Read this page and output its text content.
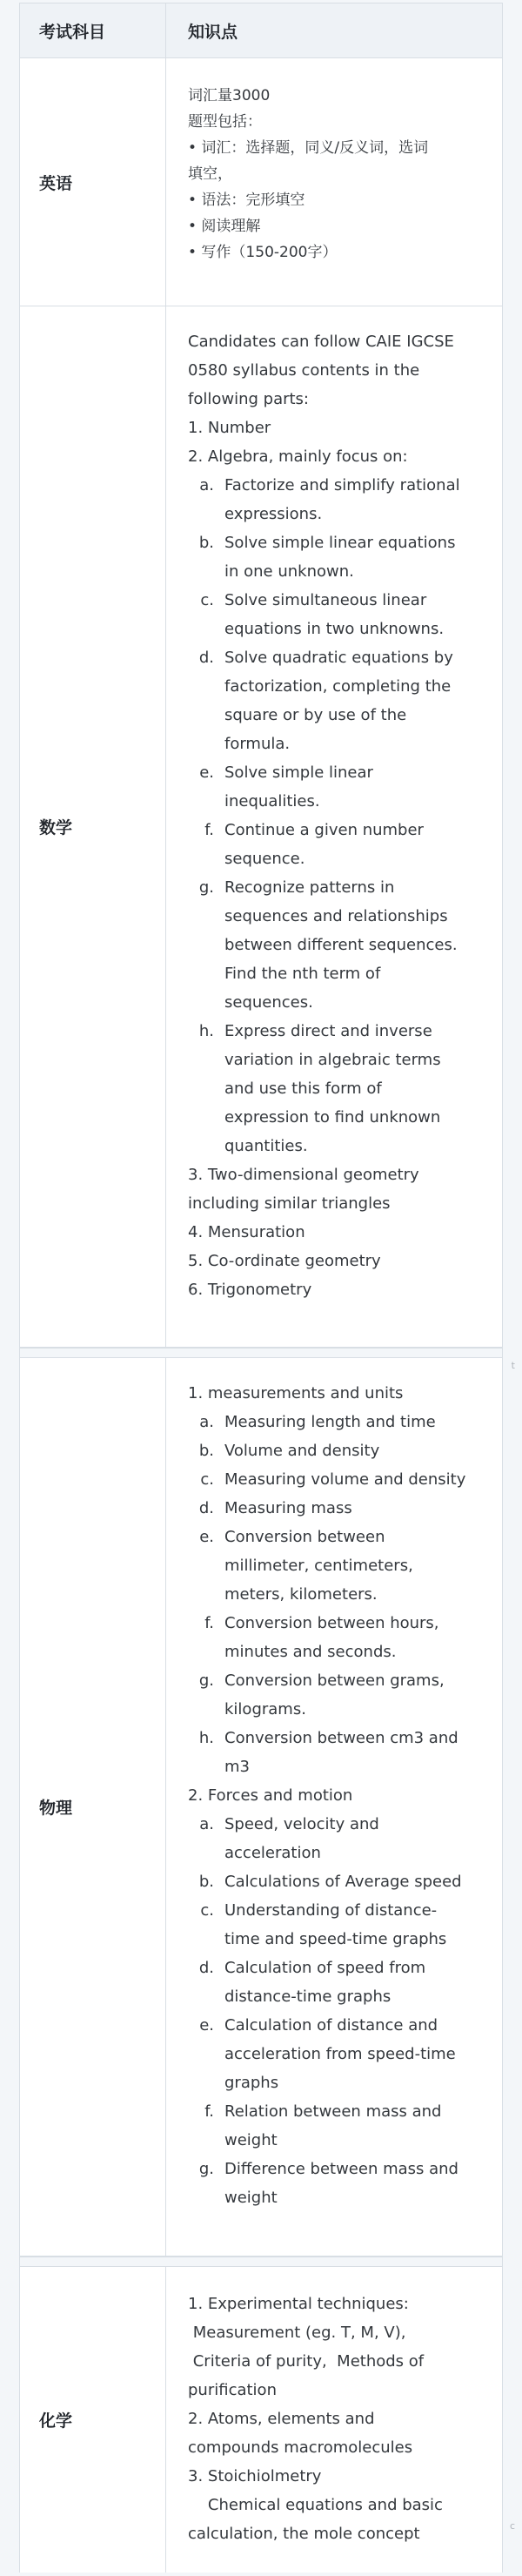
考试科目	知识点
英语
词汇量3000
题型包括：
• 词汇：选择题，同义/反义词，选词
填空，
• 语法：完形填空
• 阅读理解
• 写作（150-200字）
数学
Candidates can follow CAIE IGCSE
0580 syllabus contents in the
following parts:
1. Number
2. Algebra, mainly focus on:
a. Factorize and simplify rational
expressions.
b. Solve simple linear equations
in one unknown.
c. Solve simultaneous linear
equations in two unknowns.
d. Solve quadratic equations by
factorization, completing the
square or by use of the
formula.
e. Solve simple linear
inequalities.
f. Continue a given number
sequence.
g. Recognize patterns in
sequences and relationships
between different sequences.
Find the nth term of
sequences.
h. Express direct and inverse
variation in algebraic terms
and use this form of
expression to find unknown
quantities.
3. Two-dimensional geometry
including similar triangles
4. Mensuration
5. Co-ordinate geometry
6. Trigonometry
物理
1. measurements and units
a. Measuring length and time
b. Volume and density
c. Measuring volume and density
d. Measuring mass
e. Conversion between
millimeter, centimeters,
meters, kilometers.
f. Conversion between hours,
minutes and seconds.
g. Conversion between grams,
kilograms.
h. Conversion between cm3 and
m3
2. Forces and motion
a. Speed, velocity and
acceleration
b. Calculations of Average speed
c. Understanding of distance-
time and speed-time graphs
d. Calculation of speed from
distance-time graphs
e. Calculation of distance and
acceleration from speed-time
graphs
f. Relation between mass and
weight
g. Difference between mass and
weight
化学
1. Experimental techniques:
Measurement (eg. T, M, V),
Criteria of purity,  Methods of
purification
2. Atoms, elements and
compounds macromolecules
3. Stoichiolmetry
Chemical equations and basic
calculation, the mole concept
t
с
